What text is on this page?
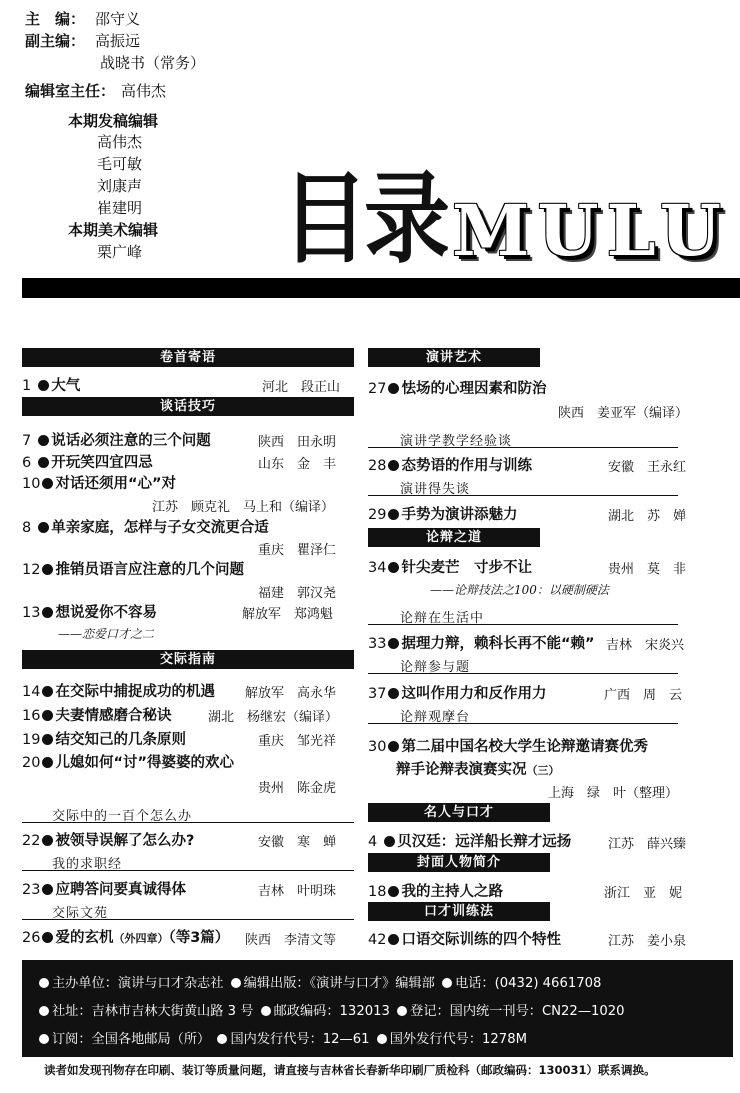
主　编： 邵守义
副主编： 高振远
战晓书（常务）
编辑室主任： 高伟杰
本期发稿编辑
高伟杰
毛可敏
刘康声
崔建明
本期美术编辑
栗广峰 目录 MULU
卷首寄语
1 大气	河北　段正山
谈话技巧
7 说话必须注意的三个问题	陕西　田永明
6 开玩笑四宜四忌	山东　金　丰
10 对话还须用“心”对
江苏　顾克礼　马上和（编译）
8 单亲家庭，怎样与子女交流更合适
重庆　瞿泽仁
12 推销员语言应注意的几个问题
福建　郭汉尧
13 想说爱你不容易	解放军　郑鸿魁
——恋爱口才之二
交际指南
14 在交际中捕捉成功的机遇 解放军　高永华
16 夫妻情感磨合秘诀	湖北　杨继宏（编译）
19 结交知己的几条原则	重庆　邹光祥
20 儿媳如何“讨”得婆婆的欢心
贵州　陈金虎
交际中的一百个怎么办
22 被领导误解了怎么办?	安徽　寒　蝉
我的求职经
23 应聘答问要真诚得体	吉林　叶明珠
交际文苑
26 爱的玄机（外四章）（等3篇） 陕西　李清文等
演讲艺术
27 怯场的心理因素和防治
陕西　姜亚军（编译）
演讲学教学经验谈
28 态势语的作用与训练	安徽　王永红
演讲得失谈
29 手势为演讲添魅力	湖北　苏　婵
论辩之道
34 针尖麦芒　寸步不让	贵州　莫　非
——论辩技法之100：以硬制硬法
论辩在生活中
33 据理力辩，赖科长再不能“赖” 吉林　宋炎兴
论辩参与题
37 这叫作用力和反作用力	广西　周　云
论辩观摩台
30 第二届中国名校大学生论辩邀请赛优秀
辩手论辩表演赛实况（三）
上海　绿　叶（整理）
名人与口才
4 贝汉廷：远洋船长辩才远扬	江苏　薛兴臻
封面人物简介
18 我的主持人之路	浙江　亚　妮
口才训练法
42 口语交际训练的四个特性	江苏　姜小泉
主办单位：演讲与口才杂志社 编辑出版：《演讲与口才》编辑部 电话：(0432) 4661708
社址：吉林市吉林大街黄山路 3 号 邮政编码：132013 登记：国内统一刊号：CN22—1020
订阅：全国各地邮局（所） 国内发行代号：12—61 国外发行代号：1278M
读者如发现刊物存在印刷、装订等质量问题，请直接与吉林省长春新华印刷厂质检科（邮政编码：130031）联系调换。
